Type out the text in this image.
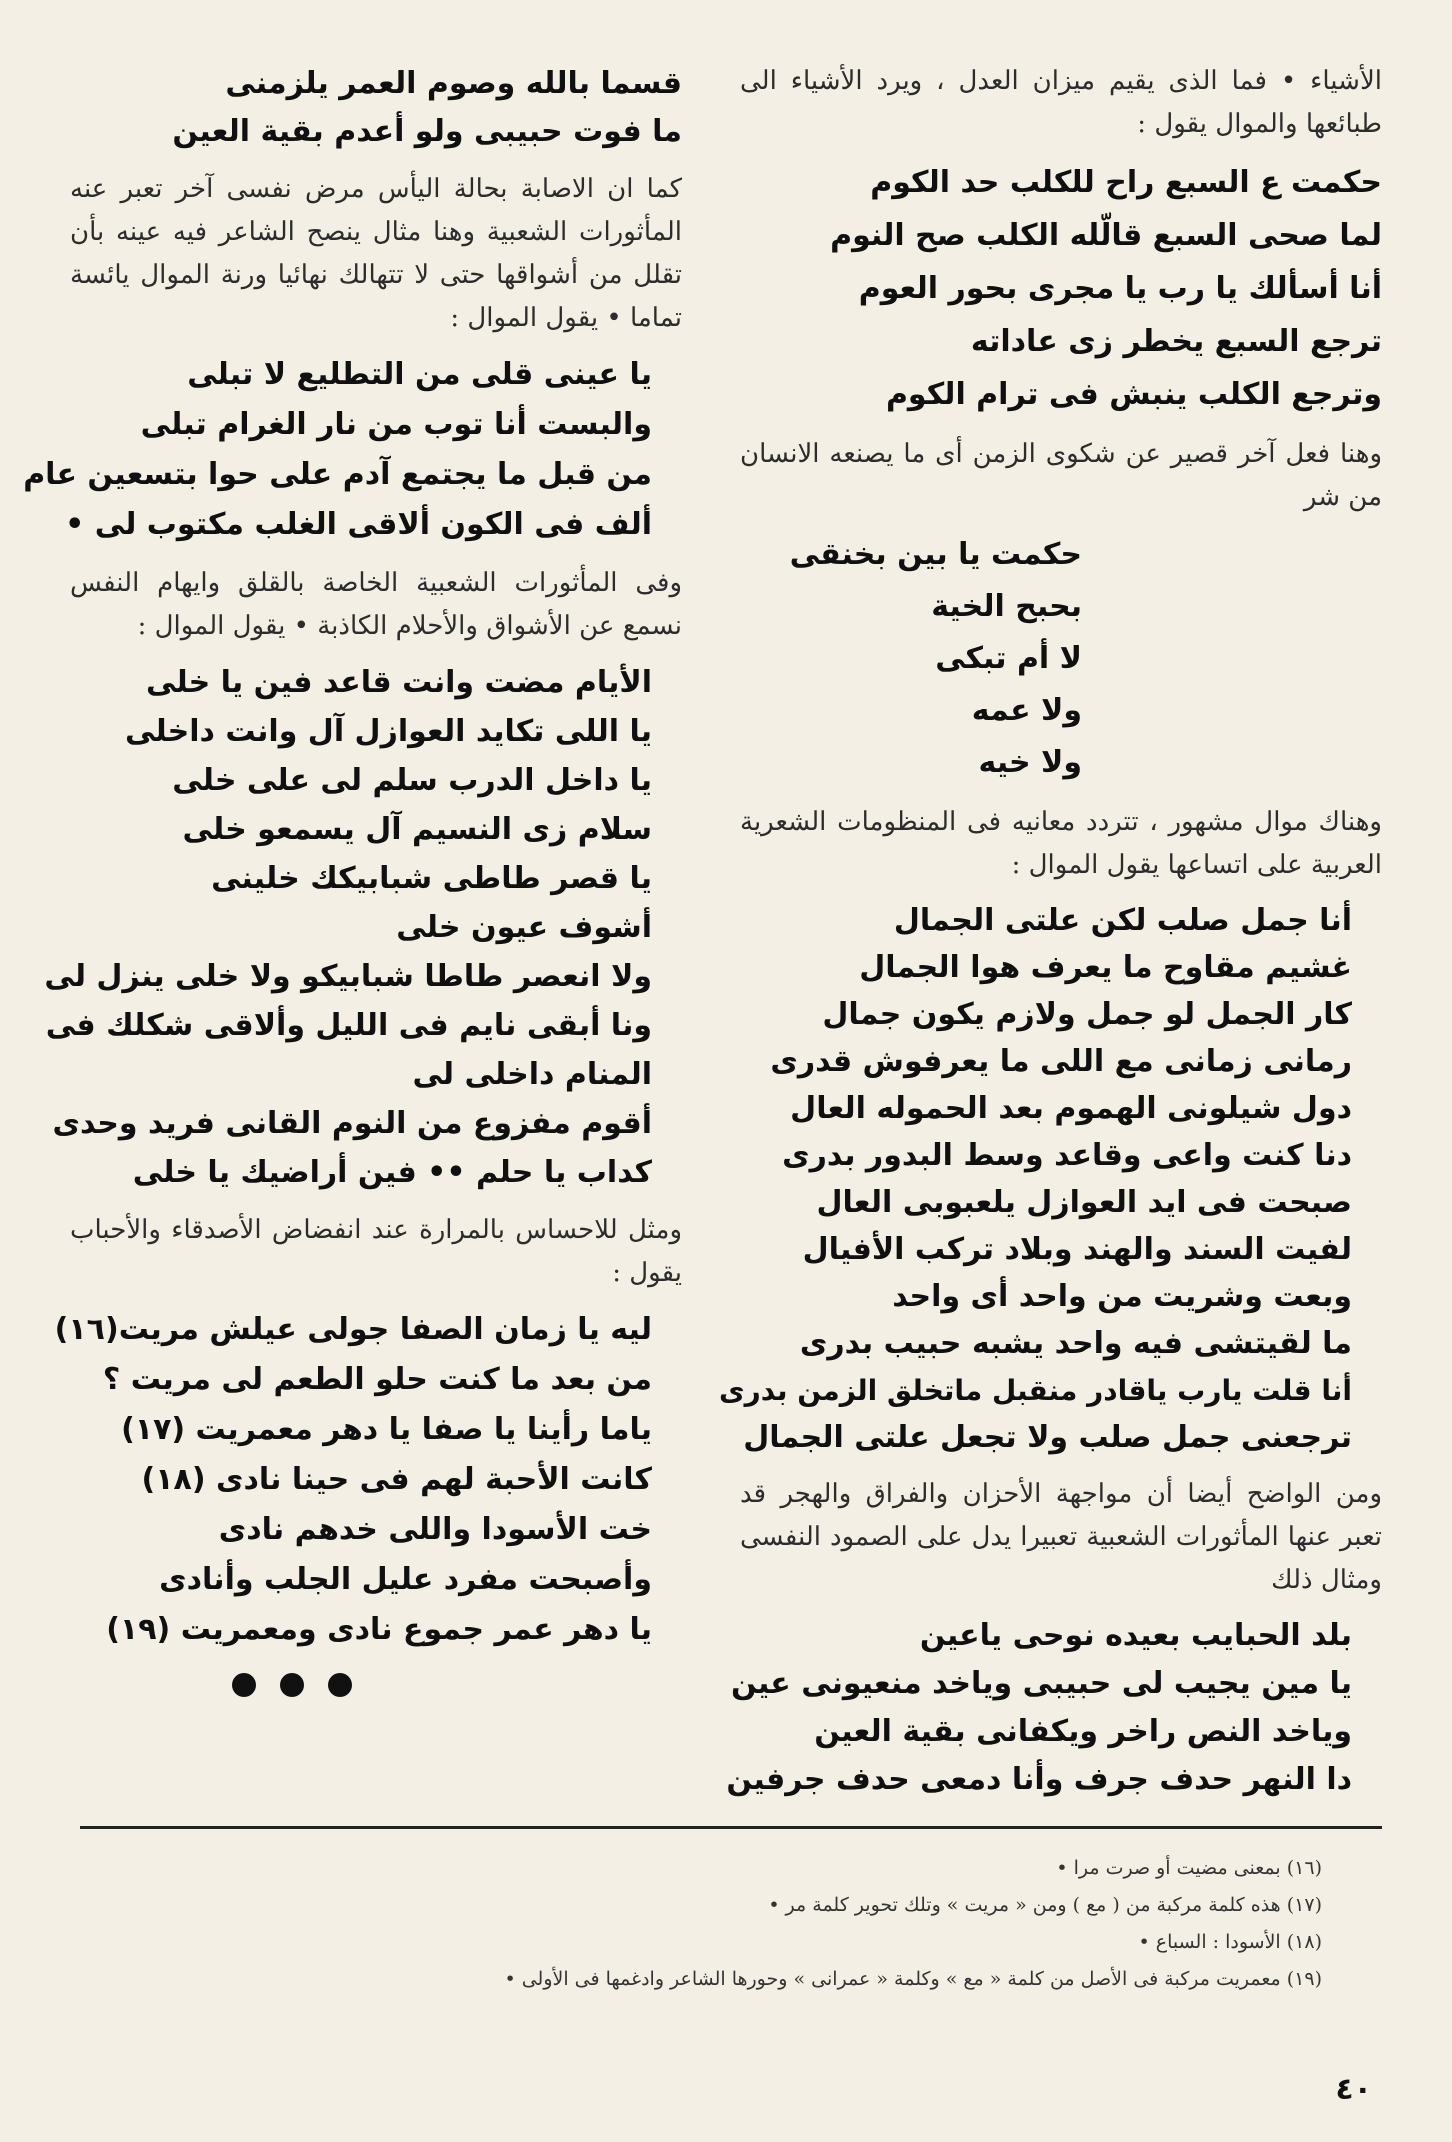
الأشياء • فما الذى يقيم ميزان العدل ، ويرد الأشياء الى طبائعها والموال يقول :

حكمت ع السبع راح للكلب حد الكوم
لما صحى السبع قالّله الكلب صح النوم
أنا أسألك يا رب يا مجرى بحور العوم
ترجع السبع يخطر زى عاداته
وترجع الكلب ينبش فى ترام الكوم

وهنا فعل آخر قصير عن شكوى الزمن أى ما يصنعه الانسان من شر

حكمت يا بين بخنقى
بحبح الخية
لا أم تبكى
ولا عمه
ولا خيه

وهناك موال مشهور ، تتردد معانيه فى المنظومات الشعرية العربية على اتساعها يقول الموال :

أنا جمل صلب لكن علتى الجمال
غشيم مقاوح ما يعرف هوا الجمال
كار الجمل لو جمل ولازم يكون جمال
رمانى زمانى مع اللى ما يعرفوش قدرى
دول شيلونى الهموم بعد الحموله العال
دنا كنت واعى وقاعد وسط البدور بدرى
صبحت فى ايد العوازل يلعبوبى العال
لفيت السند والهند وبلاد تركب الأفيال
وبعت وشريت من واحد أى واحد
ما لقيتشى فيه واحد يشبه حبيب بدرى
أنا قلت يارب ياقادر منقبل ماتخلق الزمن بدرى
ترجعنى جمل صلب ولا تجعل علتى الجمال

ومن الواضح أيضا أن مواجهة الأحزان والفراق والهجر قد تعبر عنها المأثورات الشعبية تعبيرا يدل على الصمود النفسى ومثال ذلك

بلد الحبايب بعيده نوحى ياعين
يا مين يجيب لى حبيبى وياخد منعيونى عين
وياخد النص راخر ويكفانى بقية العين
دا النهر حدف جرف وأنا دمعى حدف جرفين
قسما بالله وصوم العمر يلزمنى
ما فوت حبيبى ولو أعدم بقية العين

كما ان الاصابة بحالة اليأس مرض نفسى آخر تعبر عنه المأثورات الشعبية وهنا مثال ينصح الشاعر فيه عينه بأن تقلل من أشواقها حتى لا تتهالك نهائيا ورنة الموال يائسة تماما • يقول الموال :

يا عينى قلى من التطليع لا تبلى
والبست أنا توب من نار الغرام تبلى
من قبل ما يجتمع آدم على حوا بتسعين عام
ألف فى الكون ألاقى الغلب مكتوب لى •

وفى المأثورات الشعبية الخاصة بالقلق وايهام النفس نسمع عن الأشواق والأحلام الكاذبة • يقول الموال :

الأيام مضت وانت قاعد فين يا خلى
يا اللى تكايد العوازل آل وانت داخلى
يا داخل الدرب سلم لى على خلى
سلام زى النسيم آل يسمعو خلى
يا قصر طاطى شبابيكك خلينى
أشوف عيون خلى
ولا انعصر طاطا شبابيكو ولا خلى ينزل لى
ونا أبقى نايم فى الليل وألاقى شكلك فى
المنام داخلى لى
أقوم مفزوع من النوم القانى فريد وحدى
كداب يا حلم •• فين أراضيك يا خلى

ومثل للاحساس بالمرارة عند انفضاض الأصدقاء والأحباب يقول :

ليه يا زمان الصفا جولى عيلش مريت(١٦)
من بعد ما كنت حلو الطعم لى مريت ؟
ياما رأينا يا صفا يا دهر معمريت (١٧)
كانت الأحبة لهم فى حينا نادى (١٨)
خت الأسودا واللى خدهم نادى
وأصبحت مفرد عليل الجلب وأنادى
يا دهر عمر جموع نادى ومعمريت (١٩)
(١٦) بمعنى مضيت أو صرت مرا •
(١٧) هذه كلمة مركبة من ( مع ) ومن « مريت » وتلك تحوير كلمة مر •
(١٨) الأسودا : السباع •
(١٩) معمريت مركبة فى الأصل من كلمة « مع » وكلمة « عمرانى » وحورها الشاعر وادغمها فى الأولى •
٤٠
